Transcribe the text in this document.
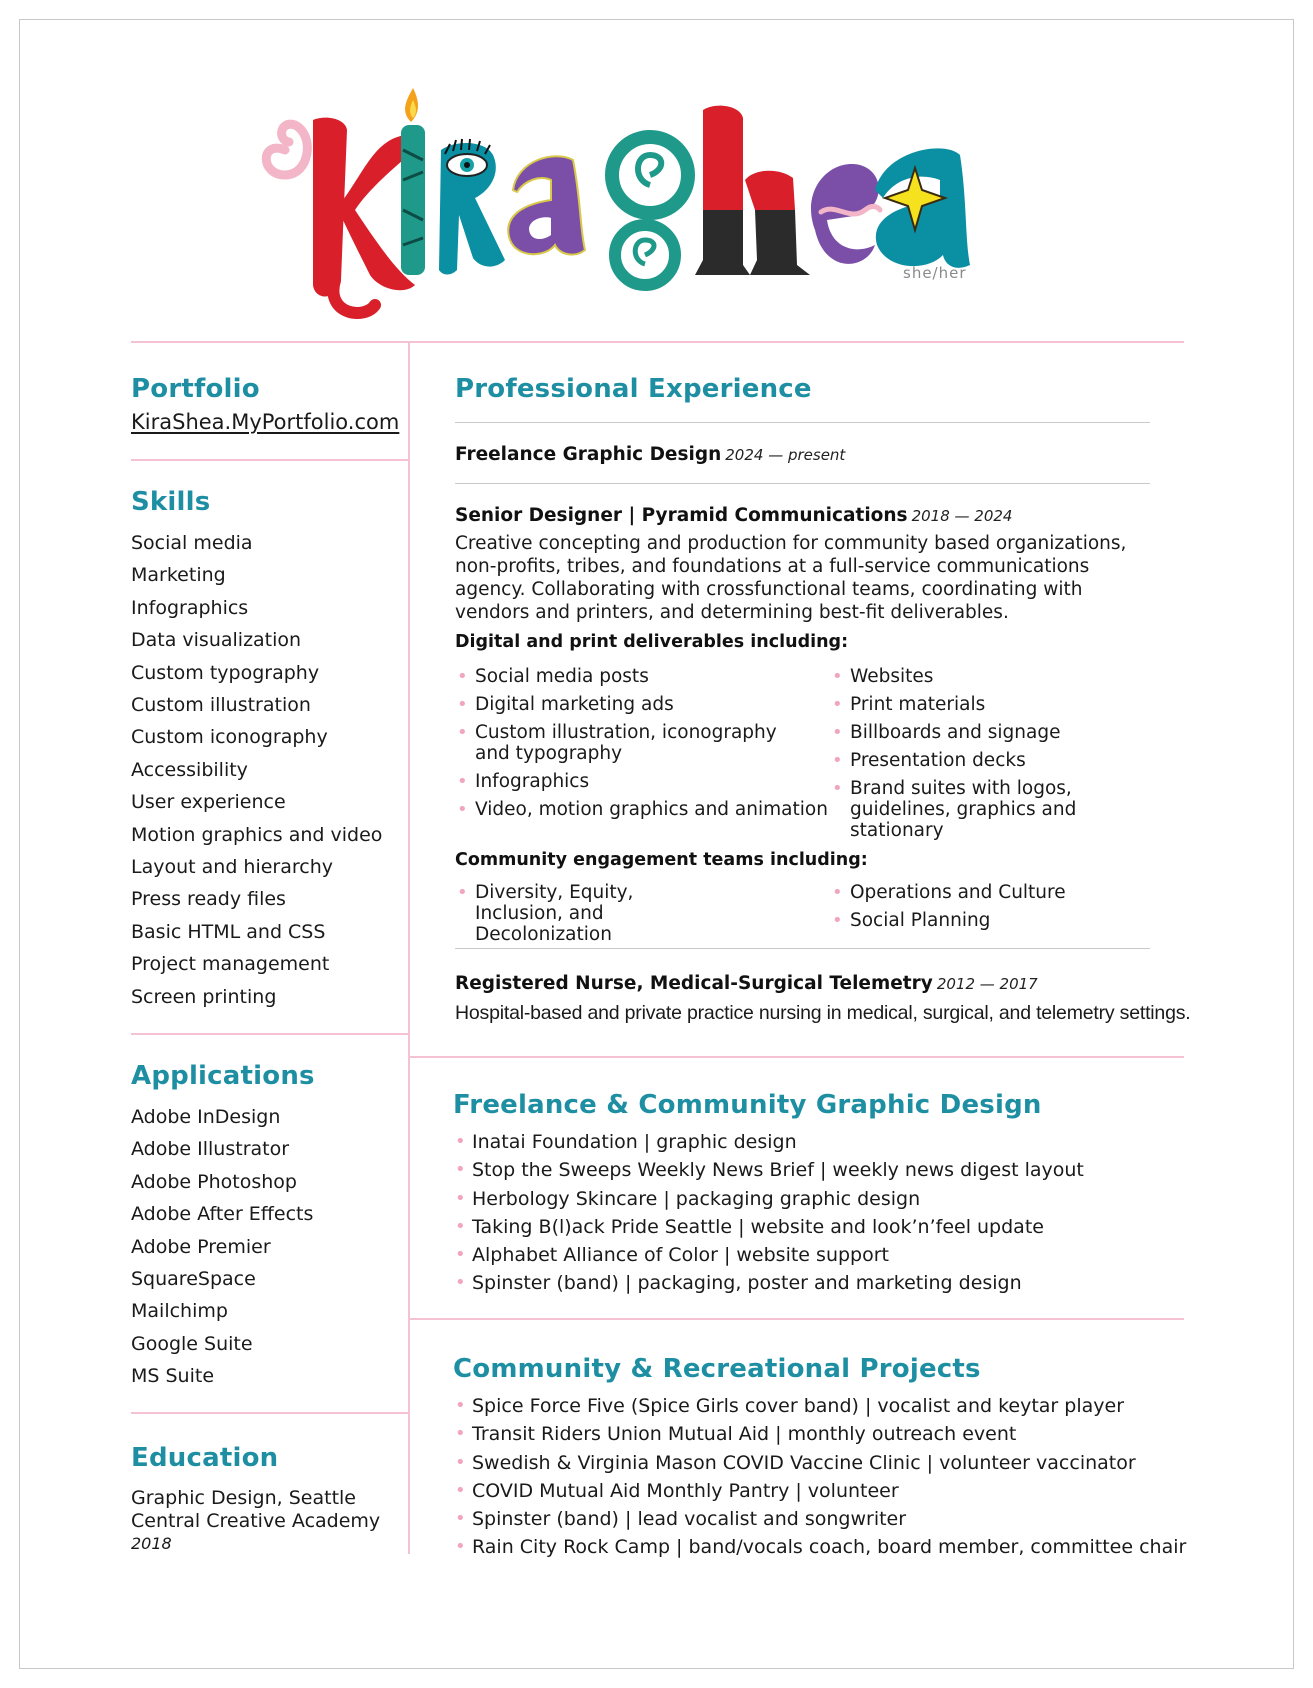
she/her
Portfolio
KiraShea.MyPortfolio.com
Skills
Social media
Marketing
Infographics
Data visualization
Custom typography
Custom illustration
Custom iconography
Accessibility
User experience
Motion graphics and video
Layout and hierarchy
Press ready files
Basic HTML and CSS
Project management
Screen printing
Applications
Adobe InDesign
Adobe Illustrator
Adobe Photoshop
Adobe After Effects
Adobe Premier
SquareSpace
Mailchimp
Google Suite
MS Suite
Education
Graphic Design, Seattle
Central Creative Academy
2018
Professional Experience
Freelance Graphic Design 2024 — present
Senior Designer | Pyramid Communications 2018 — 2024

Creative concepting and production for community based organizations, non-profits, tribes, and foundations at a full-service communications agency. Collaborating with crossfunctional teams, coordinating with vendors and printers, and determining best-fit deliverables.

Digital and print deliverables including:
• Social media posts
• Digital marketing ads
• Custom illustration, iconography and typography
• Infographics
• Video, motion graphics and animation
• Websites
• Print materials
• Billboards and signage
• Presentation decks
• Brand suites with logos, guidelines, graphics and stationary
Community engagement teams including:
• Diversity, Equity, Inclusion, and Decolonization
• Operations and Culture
• Social Planning
Registered Nurse, Medical-Surgical Telemetry 2012 — 2017

Hospital-based and private practice nursing in medical, surgical, and telemetry settings.

Freelance & Community Graphic Design
• Inatai Foundation | graphic design
• Stop the Sweeps Weekly News Brief | weekly news digest layout
• Herbology Skincare | packaging graphic design
• Taking B(l)ack Pride Seattle | website and look’n’feel update
• Alphabet Alliance of Color | website support
• Spinster (band) | packaging, poster and marketing design
Community & Recreational Projects
• Spice Force Five (Spice Girls cover band) | vocalist and keytar player
• Transit Riders Union Mutual Aid | monthly outreach event
• Swedish & Virginia Mason COVID Vaccine Clinic | volunteer vaccinator
• COVID Mutual Aid Monthly Pantry | volunteer
• Spinster (band) | lead vocalist and songwriter
• Rain City Rock Camp | band/vocals coach, board member, committee chair
